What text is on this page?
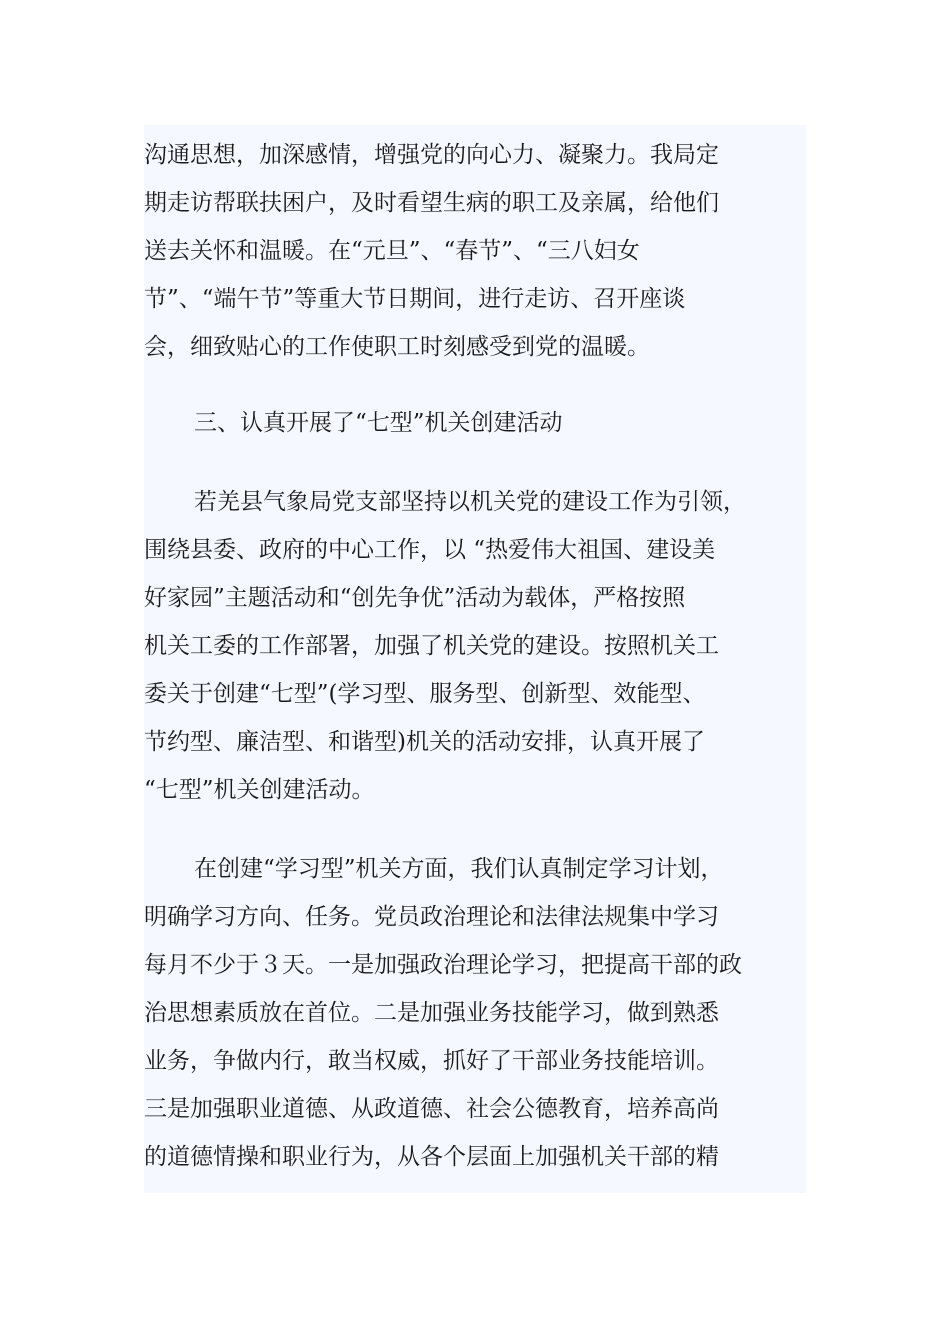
沟通思想，加深感情，增强党的向心力、凝聚力。我局定
期走访帮联扶困户，及时看望生病的职工及亲属，给他们
送去关怀和温暖。在“元旦”、“春节”、“三八妇女
节”、“端午节”等重大节日期间，进行走访、召开座谈
会，细致贴心的工作使职工时刻感受到党的温暖。
三、认真开展了“七型”机关创建活动
若羌县气象局党支部坚持以机关党的建设工作为引领，
围绕县委、政府的中心工作，以 “热爱伟大祖国、建设美
好家园”主题活动和“创先争优”活动为载体，严格按照
机关工委的工作部署，加强了机关党的建设。按照机关工
委关于创建“七型”(学习型、服务型、创新型、效能型、
节约型、廉洁型、和谐型)机关的活动安排，认真开展了
“七型”机关创建活动。
在创建“学习型”机关方面，我们认真制定学习计划，
明确学习方向、任务。党员政治理论和法律法规集中学习
每月不少于３天。一是加强政治理论学习，把提高干部的政
治思想素质放在首位。二是加强业务技能学习，做到熟悉
业务，争做内行，敢当权威，抓好了干部业务技能培训。
三是加强职业道德、从政道德、社会公德教育，培养高尚
的道德情操和职业行为，从各个层面上加强机关干部的精
